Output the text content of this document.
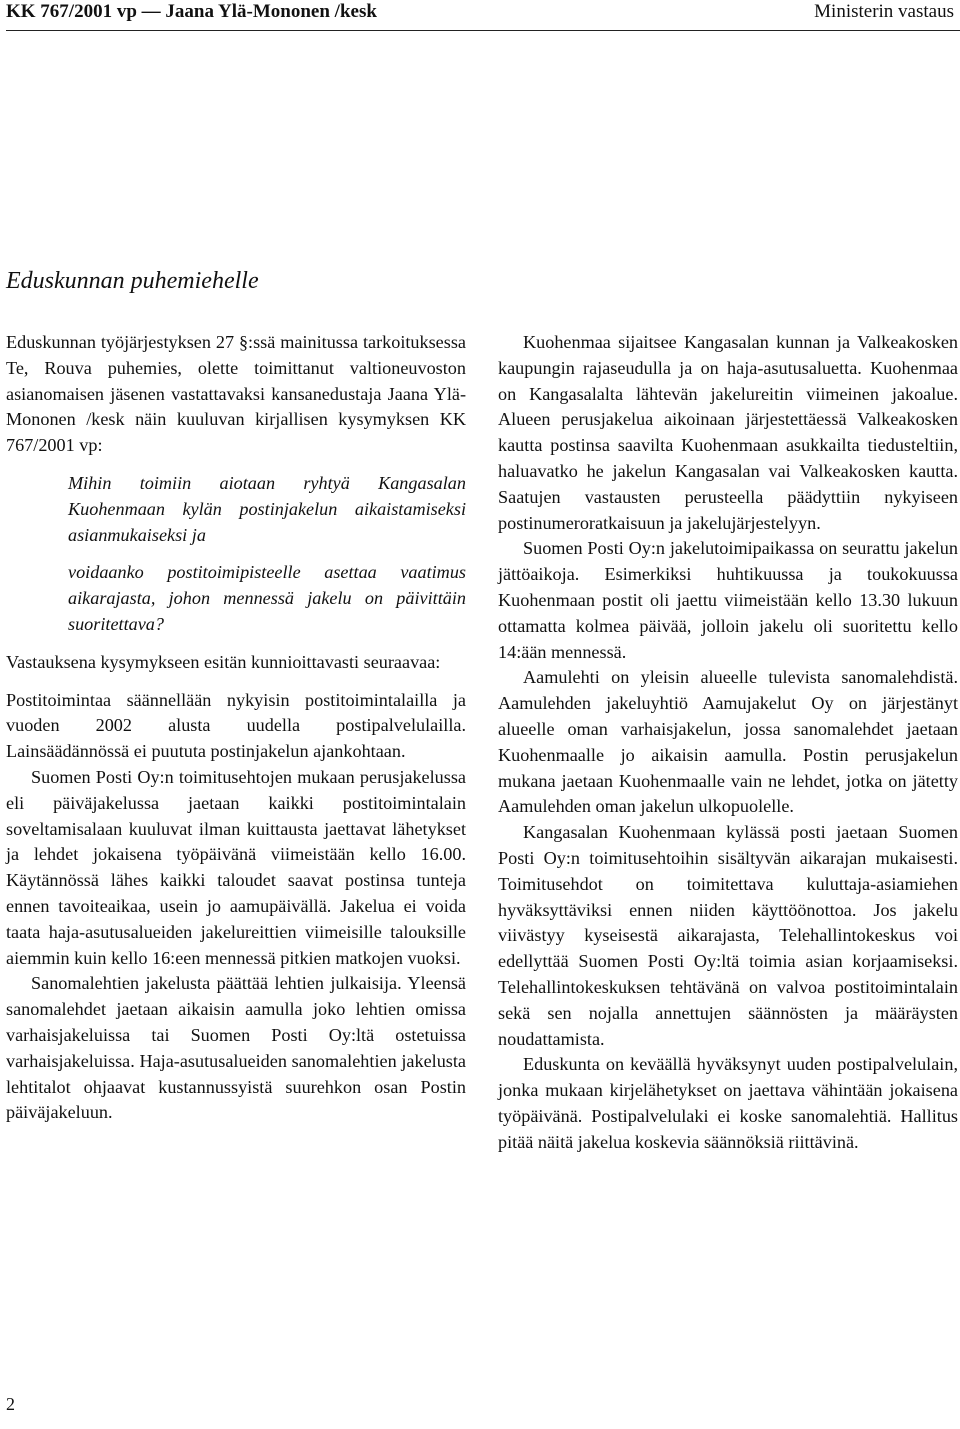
KK 767/2001 vp — Jaana Ylä-Mononen /kesk	Ministerin vastaus
Eduskunnan puhemiehelle

Eduskunnan työjärjestyksen 27 §:ssä mainitussa tarkoituksessa Te, Rouva puhemies, olette toimittanut valtioneuvoston asianomaisen jäsenen vastattavaksi kansanedustaja Jaana Ylä-Mononen /kesk näin kuuluvan kirjallisen kysymyksen KK 767/2001 vp:

Mihin toimiin aiotaan ryhtyä Kangasalan Kuohenmaan kylän postinjakelun aikaistamiseksi asianmukaiseksi ja

voidaanko postitoimipisteelle asettaa vaatimus aikarajasta, johon mennessä jakelu on päivittäin suoritettava?

Vastauksena kysymykseen esitän kunnioittavasti seuraavaa:

Postitoimintaa säännellään nykyisin postitoimintalailla ja vuoden 2002 alusta uudella postipalvelulailla. Lainsäädännössä ei puututa postinjakelun ajankohtaan.

Suomen Posti Oy:n toimitusehtojen mukaan perusjakelussa eli päiväjakelussa jaetaan kaikki postitoimintalain soveltamisalaan kuuluvat ilman kuittausta jaettavat lähetykset ja lehdet jokaisena työpäivänä viimeistään kello 16.00. Käytännössä lähes kaikki taloudet saavat postinsa tunteja ennen tavoiteaikaa, usein jo aamupäivällä. Jakelua ei voida taata haja-asutusalueiden jakelureittien viimeisille talouksille aiemmin kuin kello 16:een mennessä pitkien matkojen vuoksi.

Sanomalehtien jakelusta päättää lehtien julkaisija. Yleensä sanomalehdet jaetaan aikaisin aamulla joko lehtien omissa varhaisjakeluissa tai Suomen Posti Oy:ltä ostetuissa varhaisjakeluissa. Haja-asutusalueiden sanomalehtien jakelusta lehtitalot ohjaavat kustannussyistä suurehkon osan Postin päiväjakeluun.

Kuohenmaa sijaitsee Kangasalan kunnan ja Valkeakosken kaupungin rajaseudulla ja on haja-asutusaluetta. Kuohenmaa on Kangasalalta lähtevän jakelureitin viimeinen jakoalue. Alueen perusjakelua aikoinaan järjestettäessä Valkeakosken kautta postinsa saavilta Kuohenmaan asukkailta tiedusteltiin, haluavatko he jakelun Kangasalan vai Valkeakosken kautta. Saatujen vastausten perusteella päädyttiin nykyiseen postinumeroratkaisuun ja jakelujärjestelyyn.

Suomen Posti Oy:n jakelutoimipaikassa on seurattu jakelun jättöaikoja. Esimerkiksi huhtikuussa ja toukokuussa Kuohenmaan postit oli jaettu viimeistään kello 13.30 lukuun ottamatta kolmea päivää, jolloin jakelu oli suoritettu kello 14:ään mennessä.

Aamulehti on yleisin alueelle tulevista sanomalehdistä. Aamulehden jakeluyhtiö Aamujakelut Oy on järjestänyt alueelle oman varhaisjakelun, jossa sanomalehdet jaetaan Kuohenmaalle jo aikaisin aamulla. Postin perusjakelun mukana jaetaan Kuohenmaalle vain ne lehdet, jotka on jätetty Aamulehden oman jakelun ulkopuolelle.

Kangasalan Kuohenmaan kylässä posti jaetaan Suomen Posti Oy:n toimitusehtoihin sisältyvän aikarajan mukaisesti. Toimitusehdot on toimitettava kuluttaja-asiamiehen hyväksyttäviksi ennen niiden käyttöönottoa. Jos jakelu viivästyy kyseisestä aikarajasta, Telehallintokeskus voi edellyttää Suomen Posti Oy:ltä toimia asian korjaamiseksi. Telehallintokeskuksen tehtävänä on valvoa postitoimintalain sekä sen nojalla annettujen säännösten ja määräysten noudattamista.

Eduskunta on keväällä hyväksynyt uuden postipalvelulain, jonka mukaan kirjelähetykset on jaettava vähintään jokaisena työpäivänä. Postipalvelulaki ei koske sanomalehtiä. Hallitus pitää näitä jakelua koskevia säännöksiä riittävinä.

2
